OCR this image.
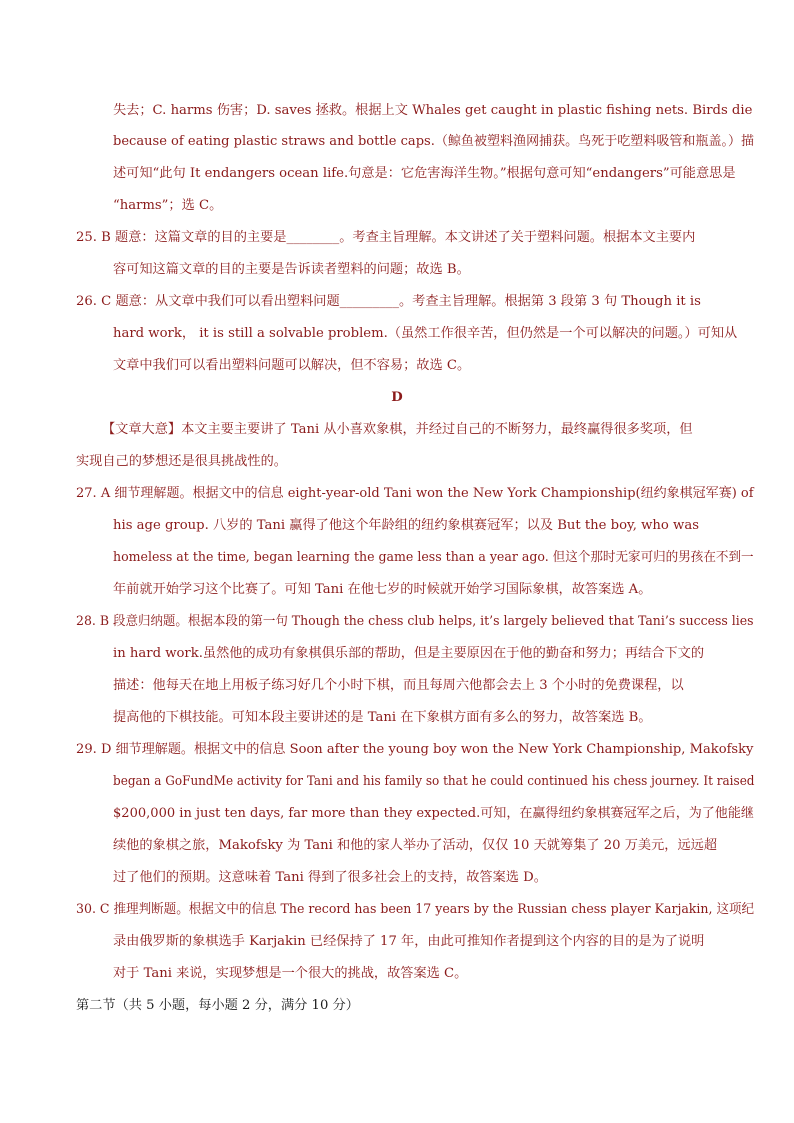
失去；C. harms 伤害；D. saves 拯救。根据上文 Whales get caught in plastic fishing nets. Birds die
because of eating plastic straws and bottle caps.（鲸鱼被塑料渔网捕获。鸟死于吃塑料吸管和瓶盖。）描
述可知“此句 It endangers ocean life.句意是：它危害海洋生物。”根据句意可知“endangers”可能意思是
“harms”；选 C。
25. B 题意：这篇文章的目的主要是________。考查主旨理解。本文讲述了关于塑料问题。根据本文主要内
容可知这篇文章的目的主要是告诉读者塑料的问题；故选 B。
26. C 题意：从文章中我们可以看出塑料问题_________。考查主旨理解。根据第 3 段第 3 句 Though it is
hard work， it is still a solvable problem.（虽然工作很辛苦，但仍然是一个可以解决的问题。）可知从
文章中我们可以看出塑料问题可以解决，但不容易；故选 C。
D
【文章大意】本文主要主要讲了 Tani 从小喜欢象棋，并经过自己的不断努力，最终赢得很多奖项，但
实现自己的梦想还是很具挑战性的。
27. A 细节理解题。根据文中的信息 eight-year-old Tani won the New York Championship(纽约象棋冠军赛) of
his age group. 八岁的 Tani 赢得了他这个年龄组的纽约象棋赛冠军；以及 But the boy, who was
homeless at the time, began learning the game less than a year ago. 但这个那时无家可归的男孩在不到一
年前就开始学习这个比赛了。可知 Tani 在他七岁的时候就开始学习国际象棋，故答案选 A。
28. B 段意归纳题。根据本段的第一句 Though the chess club helps, it’s largely believed that Tani’s success lies
in hard work.虽然他的成功有象棋俱乐部的帮助，但是主要原因在于他的勤奋和努力；再结合下文的
描述：他每天在地上用板子练习好几个小时下棋，而且每周六他都会去上 3 个小时的免费课程，以
提高他的下棋技能。可知本段主要讲述的是 Tani 在下象棋方面有多么的努力，故答案选 B。
29. D 细节理解题。根据文中的信息 Soon after the young boy won the New York Championship, Makofsky
began a GoFundMe activity for Tani and his family so that he could continued his chess journey. It raised
$200,000 in just ten days, far more than they expected.可知，在赢得纽约象棋赛冠军之后，为了他能继
续他的象棋之旅，Makofsky 为 Tani 和他的家人举办了活动，仅仅 10 天就筹集了 20 万美元，远远超
过了他们的预期。这意味着 Tani 得到了很多社会上的支持，故答案选 D。
30. C 推理判断题。根据文中的信息 The record has been 17 years by the Russian chess player Karjakin, 这项纪
录由俄罗斯的象棋选手 Karjakin 已经保持了 17 年，由此可推知作者提到这个内容的目的是为了说明
对于 Tani 来说，实现梦想是一个很大的挑战，故答案选 C。
第二节（共 5 小题，每小题 2 分，满分 10 分）
